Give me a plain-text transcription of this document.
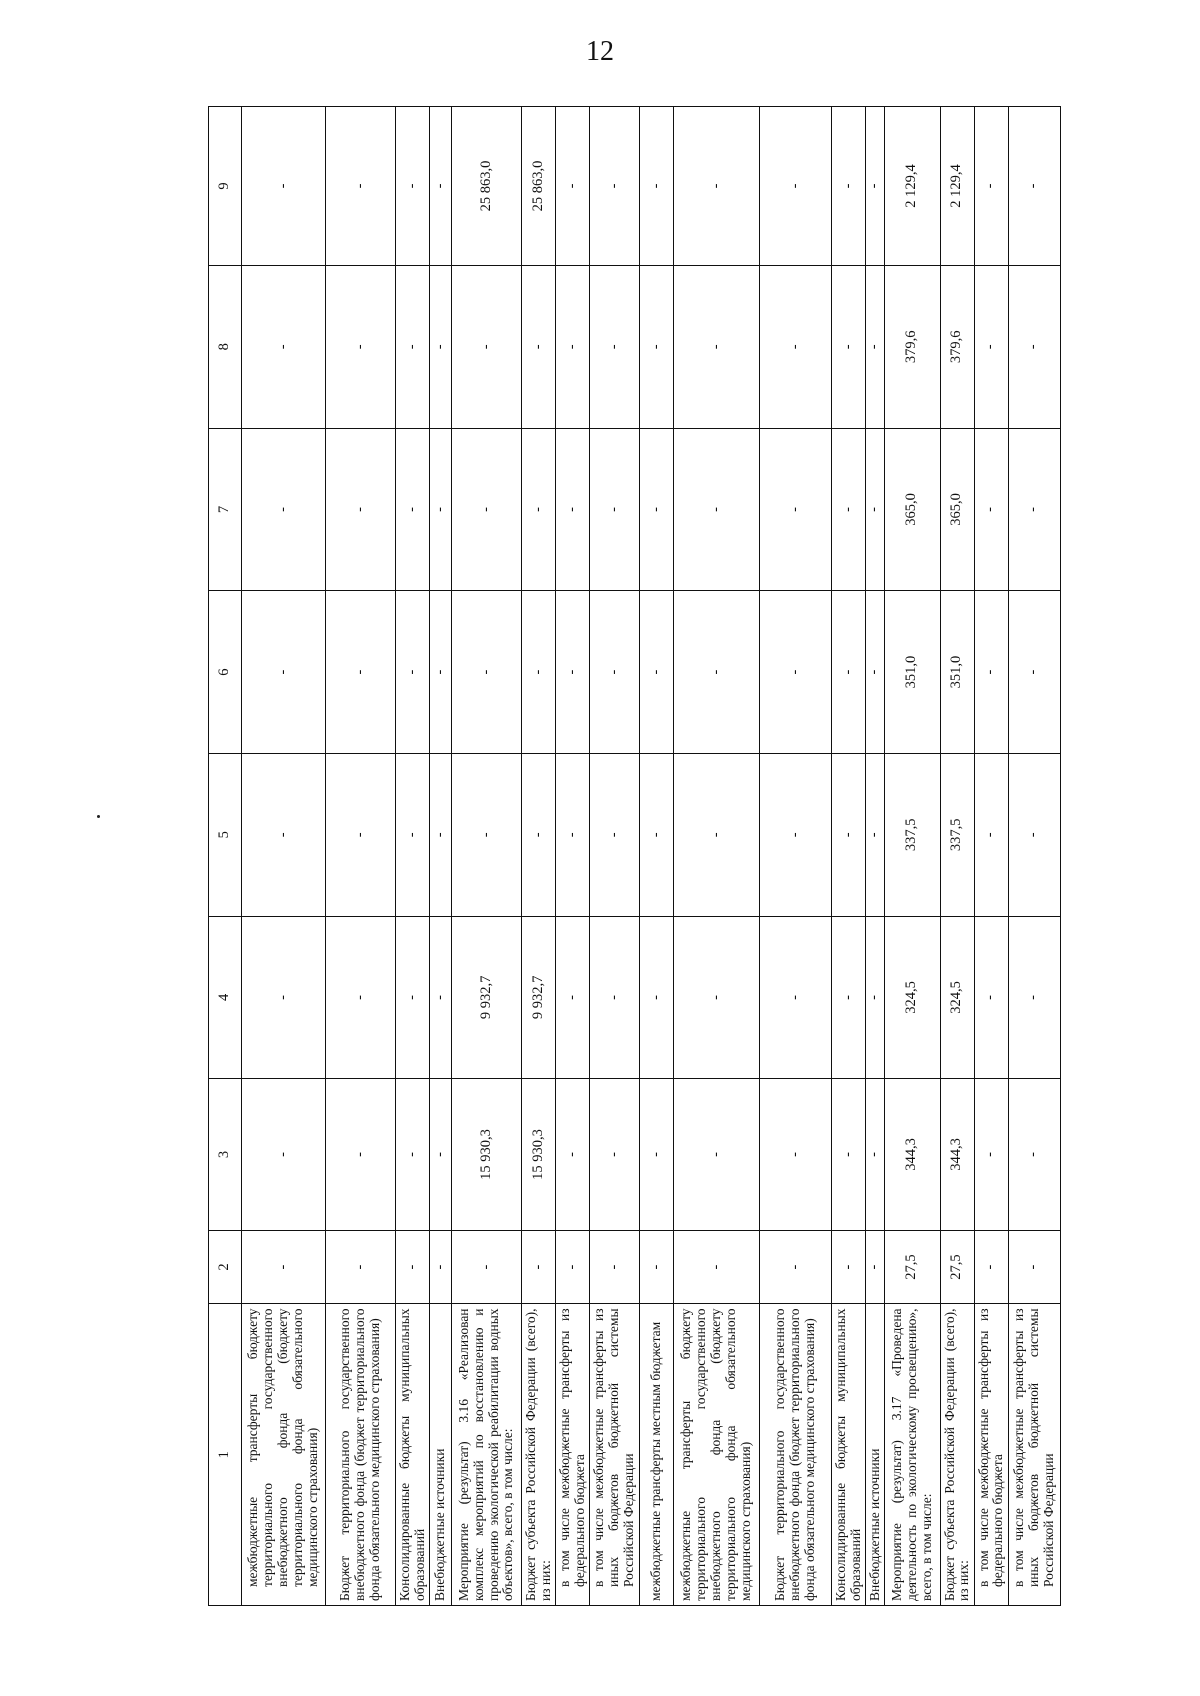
12
1	2	3	4	5	6	7	8	9
межбюджетные трансферты бюджету территориального государственного внебюджетного фонда (бюджету территориального фонда обязательного медицинского страхования)	-	-	-	-	-	-	-	-
Бюджет территориального государственного внебюджетного фонда (бюджет территориального фонда обязательного медицинского страхования)	-	-	-	-	-	-	-	-
Консолидированные бюджеты муниципальных образований	-	-	-	-	-	-	-	-
Внебюджетные источники	-	-	-	-	-	-	-	-
Мероприятие (результат) 3.16 «Реализован комплекс мероприятий по восстановлению и проведению экологической реабилитации водных объектов», всего, в том числе:	-	15 930,3	9 932,7	-	-	-	-	25 863,0
Бюджет субъекта Российской Федерации (всего), из них:	-	15 930,3	9 932,7	-	-	-	-	25 863,0
в том числе межбюджетные трансферты из федерального бюджета	-	-	-	-	-	-	-	-
в том числе межбюджетные трансферты из иных бюджетов бюджетной системы Российской Федерации	-	-	-	-	-	-	-	-
межбюджетные трансферты местным бюджетам	-	-	-	-	-	-	-	-
межбюджетные трансферты бюджету территориального государственного внебюджетного фонда (бюджету территориального фонда обязательного медицинского страхования)	-	-	-	-	-	-	-	-
Бюджет территориального государственного внебюджетного фонда (бюджет территориального фонда обязательного медицинского страхования)	-	-	-	-	-	-	-	-
Консолидированные бюджеты муниципальных образований	-	-	-	-	-	-	-	-
Внебюджетные источники	-	-	-	-	-	-	-	-
Мероприятие (результат) 3.17 «Проведена деятельность по экологическому просвещению», всего, в том числе:	27,5	344,3	324,5	337,5	351,0	365,0	379,6	2 129,4
Бюджет субъекта Российской Федерации (всего), из них:	27,5	344,3	324,5	337,5	351,0	365,0	379,6	2 129,4
в том числе межбюджетные трансферты из федерального бюджета	-	-	-	-	-	-	-	-
в том числе межбюджетные трансферты из иных бюджетов бюджетной системы Российской Федерации	-	-	-	-	-	-	-	-
